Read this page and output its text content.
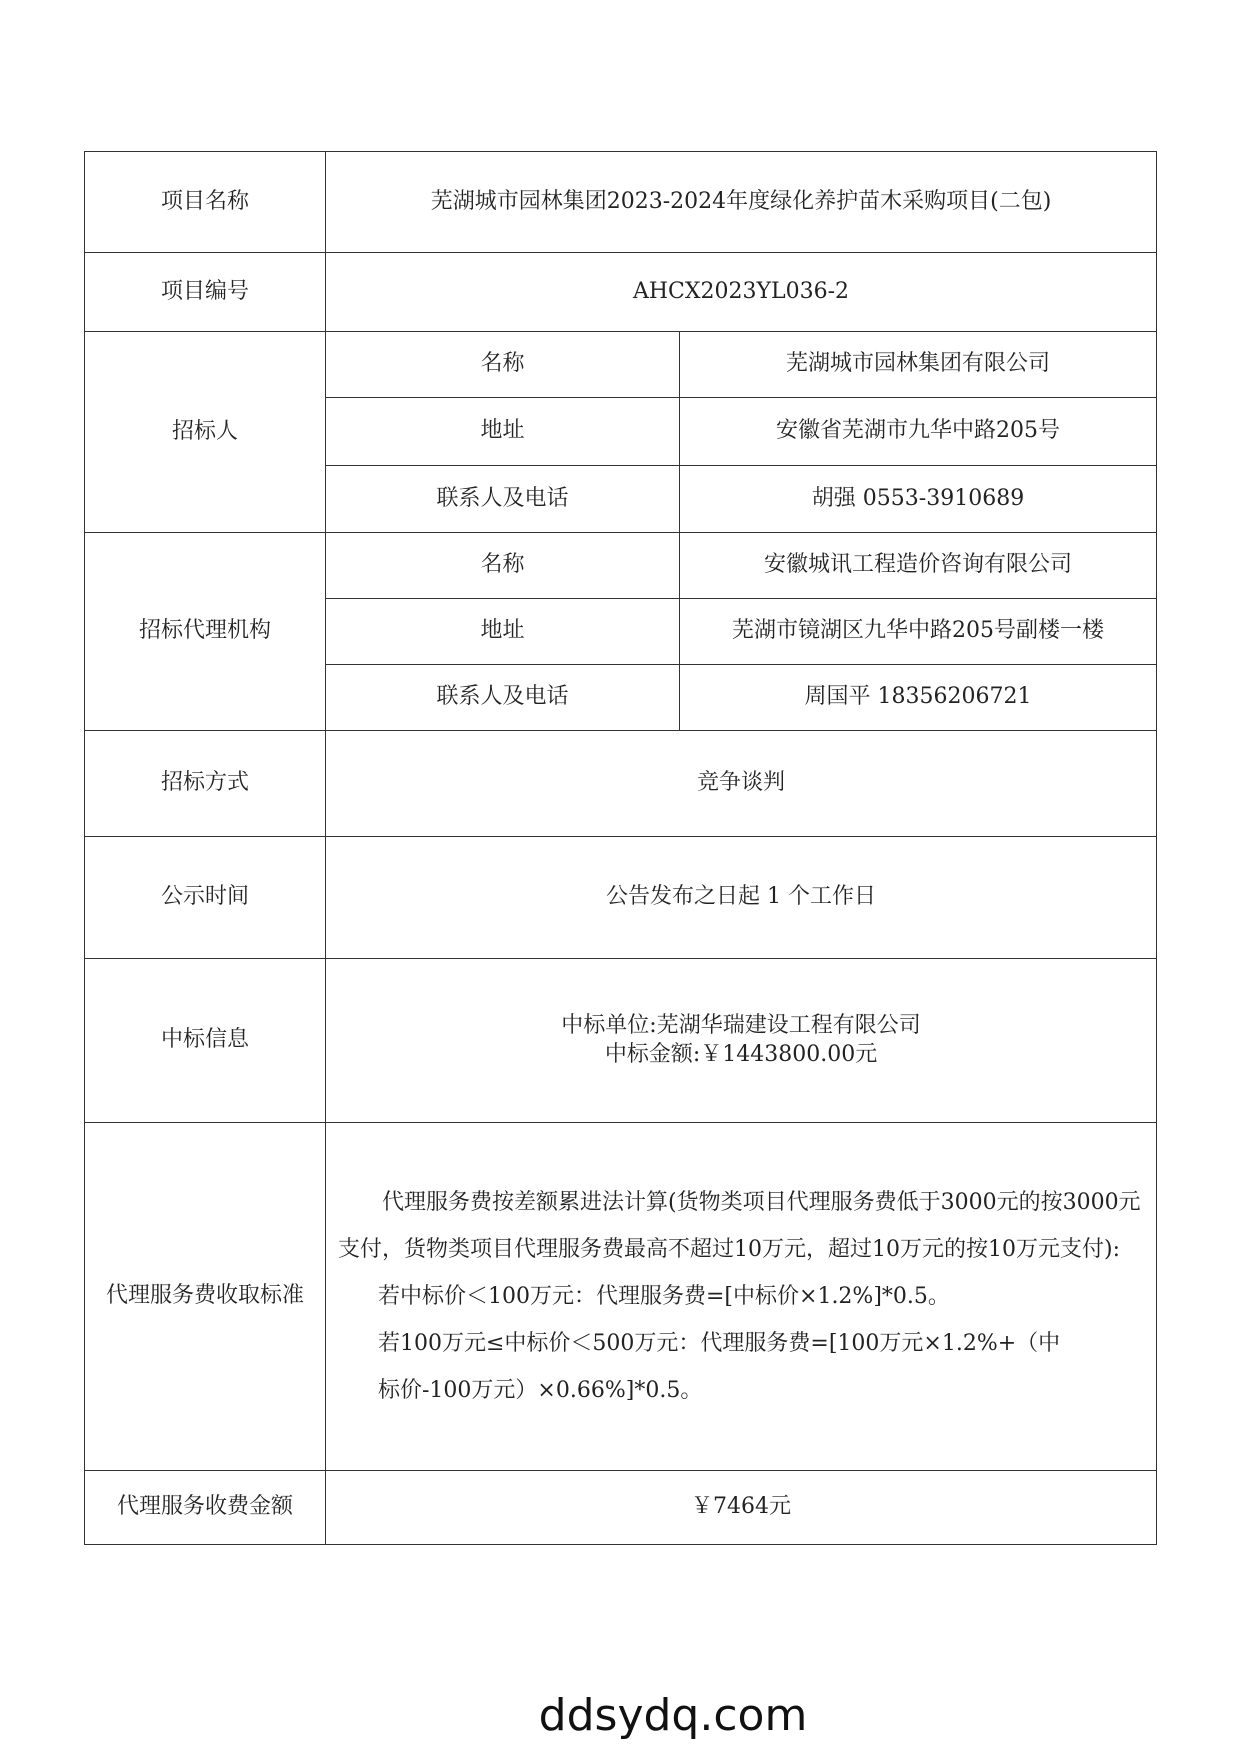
项目名称	芜湖城市园林集团2023-2024年度绿化养护苗木采购项目(二包)	
项目编号	AHCX2023YL036-2	
招标人	名称	芜湖城市园林集团有限公司
	地址	安徽省芜湖市九华中路205号
	联系人及电话	胡强 0553-3910689
招标代理机构	名称	安徽城讯工程造价咨询有限公司
	地址	芜湖市镜湖区九华中路205号副楼一楼
	联系人及电话	周国平 18356206721
招标方式	竞争谈判	
公示时间	公告发布之日起 1 个工作日	
中标信息	中标单位:芜湖华瑞建设工程有限公司
中标金额:￥1443800.00元	

代理服务费收取标准	代理服务费按差额累进法计算(货物类项目代理服务费低于3000元的按3000元支付，货物类项目代理服务费最高不超过10万元，超过10万元的按10万元支付):

若中标价＜100万元：代理服务费=[中标价×1.2%]*0.5。

若100万元≤中标价＜500万元：代理服务费=[100万元×1.2%+（中

标价-100万元）×0.66%]*0.5。	

代理服务收费金额	￥7464元	
ddsydq.com
